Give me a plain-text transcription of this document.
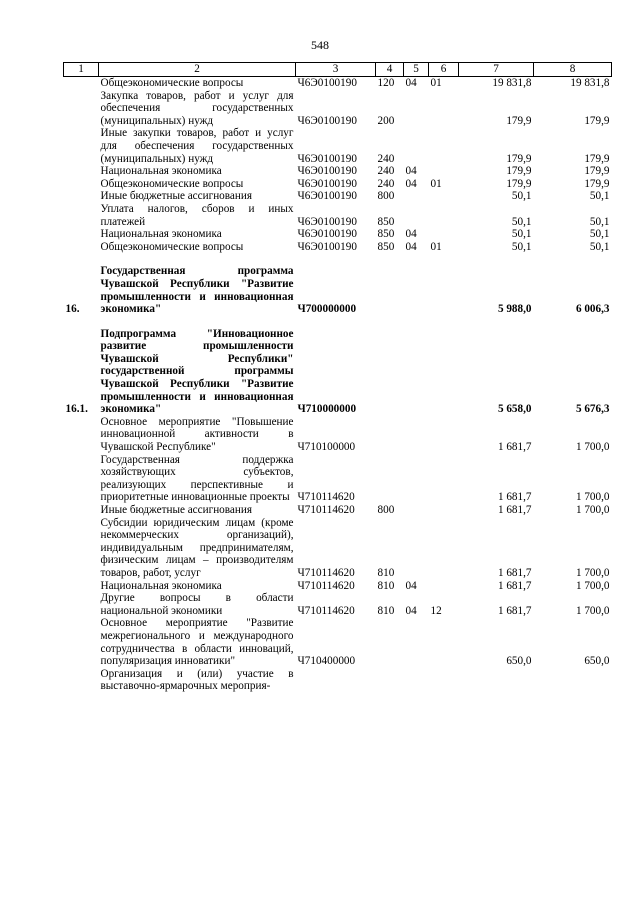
548
1	2	3	4	5	6	7	8
	Общеэкономические вопросы	Ч6Э0100190	120	04	01	19 831,8	19 831,8
	Закупка товаров, работ и услуг для обеспечения государственных (муниципальных) нужд	Ч6Э0100190	200			179,9	179,9
	Иные закупки товаров, работ и услуг для обеспечения государственных (муниципальных) нужд	Ч6Э0100190	240			179,9	179,9
	Национальная экономика	Ч6Э0100190	240	04		179,9	179,9
	Общеэкономические вопросы	Ч6Э0100190	240	04	01	179,9	179,9
	Иные бюджетные ассигнования	Ч6Э0100190	800			50,1	50,1
	Уплата налогов, сборов и иных платежей	Ч6Э0100190	850			50,1	50,1
	Национальная экономика	Ч6Э0100190	850	04		50,1	50,1
	Общеэкономические вопросы	Ч6Э0100190	850	04	01	50,1	50,1

16.	Государственная программа Чувашской Республики "Развитие промышленности и инновационная экономика"	Ч700000000				5 988,0	6 006,3

16.1.	Подпрограмма "Инновационное развитие промышленности Чувашской Республики" государственной программы Чувашской Республики "Развитие промышленности и инновационная экономика"	Ч710000000				5 658,0	5 676,3
	Основное мероприятие "Повышение инновационной активности в Чувашской Республике"	Ч710100000				1 681,7	1 700,0
	Государственная поддержка хозяйствующих субъектов, реализующих перспективные и приоритетные инновационные проекты	Ч710114620				1 681,7	1 700,0
	Иные бюджетные ассигнования	Ч710114620	800			1 681,7	1 700,0
	Субсидии юридическим лицам (кроме некоммерческих организаций), индивидуальным предпринимателям, физическим лицам – производителям товаров, работ, услуг	Ч710114620	810			1 681,7	1 700,0
	Национальная экономика	Ч710114620	810	04		1 681,7	1 700,0
	Другие вопросы в области национальной экономики	Ч710114620	810	04	12	1 681,7	1 700,0
	Основное мероприятие "Развитие межрегионального и международного сотрудничества в области инноваций, популяризация инноватики"	Ч710400000				650,0	650,0
	Организация и (или) участие в выставочно-ярмарочных мероприя-						
